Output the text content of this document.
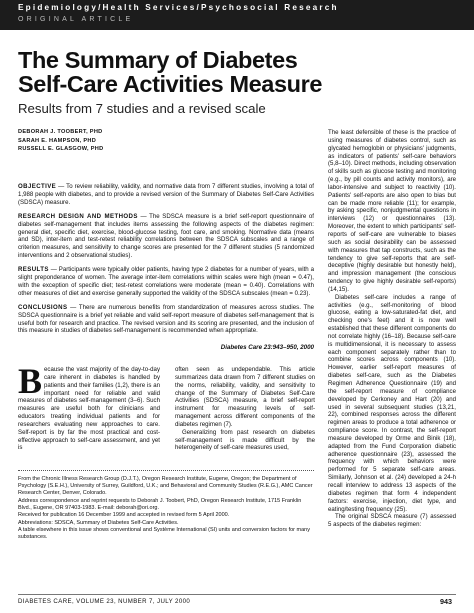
Epidemiology/Health Services/Psychosocial Research
ORIGINAL ARTICLE
The Summary of Diabetes Self-Care Activities Measure
Results from 7 studies and a revised scale
DEBORAH J. TOOBERT, PHD
SARAH E. HAMPSON, PHD
RUSSELL E. GLASGOW, PHD

OBJECTIVE — To review reliability, validity, and normative data from 7 different studies, involving a total of 1,988 people with diabetes, and to provide a revised version of the Summary of Diabetes Self-Care Activities (SDSCA) measure.

RESEARCH DESIGN AND METHODS — The SDSCA measure is a brief self-report questionnaire of diabetes self-management that includes items assessing the following aspects of the diabetes regimen: general diet, specific diet, exercise, blood-glucose testing, foot care, and smoking. Normative data (means and SD), inter-item and test-retest reliability correlations between the SDSCA subscales and a range of criterion measures, and sensitivity to change scores are presented for the 7 different studies (5 randomized interventions and 2 observational studies).

RESULTS — Participants were typically older patients, having type 2 diabetes for a number of years, with a slight preponderance of women. The average inter-item correlations within scales were high (mean = 0.47), with the exception of specific diet; test-retest correlations were moderate (mean = 0.40). Correlations with other measures of diet and exercise generally supported the validity of the SDSCA subscales (mean = 0.23).

CONCLUSIONS — There are numerous benefits from standardization of measures across studies. The SDSCA questionnaire is a brief yet reliable and valid self-report measure of diabetes self-management that is useful both for research and practice. The revised version and its scoring are presented, and the inclusion of this measure in studies of diabetes self-management is recommended when appropriate.

Diabetes Care 23:943–950, 2000
Because the vast majority of the day-to-day care inherent in diabetes is handled by patients and their families (1,2), there is an important need for reliable and valid measures of diabetes self-management (3–6). Such measures are useful both for clinicians and educators treating individual patients and for researchers evaluating new approaches to care. Self-report is by far the most practical and cost-effective approach to self-care assessment, and yet is
often seen as undependable. This article summarizes data drawn from 7 different studies on the norms, reliability, validity, and sensitivity to change of the Summary of Diabetes Self-Care Activities (SDSCA) measure, a brief self-report instrument for measuring levels of self-management across different components of the diabetes regimen (7).
Generalizing from past research on diabetes self-management is made difficult by the heterogeneity of self-care measures used,

The least defensible of these is the practice of using measures of diabetes control, such as glycated hemoglobin or physicians' judgments, as indicators of patients' self-care behaviors (5,8–10). Direct methods, including observation of skills such as glucose testing and monitoring (e.g., by pill counts and activity monitors), are labor-intensive and subject to reactivity (10). Patients' self-reports are also open to bias but can be made more reliable (11); for example, by asking specific, nonjudgmental questions in interviews (12) or questionnaires (13). Moreover, the extent to which participants' self-reports of self-care are vulnerable to biases such as social desirability can be assessed with measures that tap constructs, such as the tendency to give self-reports that are self-deceptive (highly desirable but honestly held), and impression management (the conscious tendency to give highly desirable self-reports) (14,15).

Diabetes self-care includes a range of activities (e.g., self-monitoring of blood glucose, eating a low-saturated-fat diet, and checking one's feet) and it is now well established that these different components do not correlate highly (16–18). Because self-care is multidimensional, it is necessary to assess each component separately rather than to combine scores across components (10). However, earlier self-report measures of diabetes self-care, such as the Diabetes Regimen Adherence Questionnaire (19) and the self-report measure of compliance developed by Cerkoney and Hart (20) and used in several subsequent studies (13,21, 22), combined responses across the different regimen areas to produce a total adherence or compliance score. In contrast, the self-report measure developed by Orme and Binik (18), adapted from the Fund Corporation diabetic adherence questionnaire (23), assessed the frequency with which behaviors were performed for 5 separate self-care areas. Similarly, Johnson et al. (24) developed a 24-h recall interview to address 13 aspects of the diabetes regimen that form 4 independent factors: exercise, injection, diet type, and eating/testing frequency (25).

The original SDSCA measure (7) assessed 5 aspects of the diabetes regimen:

From the Chronic Illness Research Group (D.J.T.), Oregon Research Institute, Eugene, Oregon; the Department of Psychology (S.E.H.), University of Surrey, Guildford, U.K.; and Behavioral and Community Studies (R.E.G.), AMC Cancer Research Center, Denver, Colorado.

Address correspondence and reprint requests to Deborah J. Toobert, PhD, Oregon Research Institute, 1715 Franklin Blvd., Eugene, OR 97403-1983. E-mail: deborah@ori.org.

Received for publication 16 December 1999 and accepted in revised form 5 April 2000.

Abbreviations: SDSCA, Summary of Diabetes Self-Care Activities.

A table elsewhere in this issue shows conventional and Système International (SI) units and conversion factors for many substances.

DIABETES CARE, VOLUME 23, NUMBER 7, JULY 2000	943
